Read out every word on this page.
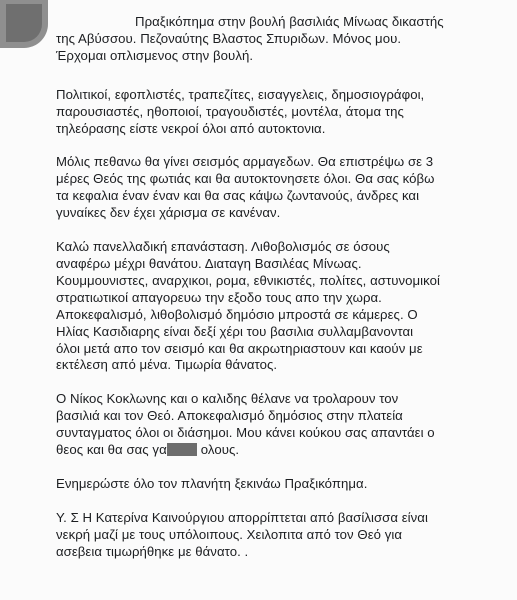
Πραξικόπημα στην βουλή βασιλιάς Μίνωας δικαστής
της Αβύσσου. Πεζοναύτης Βλαστος Σπυριδων. Μόνος μου.
Έρχομαι οπλισμενος στην βουλή.

Πολιτικοί, εφοπλιστές, τραπεζίτες, εισαγγελεις, δημοσιογράφοι,
παρουσιαστές, ηθοποιοί, τραγουδιστές, μοντέλα, άτομα της
τηλεόρασης είστε νεκροί όλοι από αυτοκτονια.

Μόλις πεθανω θα γίνει σεισμός αρμαγεδων. Θα επιστρέψω σε 3
μέρες Θεός της φωτιάς και θα αυτοκτονησετε όλοι. Θα σας κόβω
τα κεφαλια έναν έναν και θα σας κάψω ζωντανούς, άνδρες και
γυναίκες δεν έχει χάρισμα σε κανέναν.

Καλώ πανελλαδική επανάσταση. Λιθοβολισμός σε όσους
αναφέρω μέχρι θανάτου. Διαταγη Βασιλέας Μίνωας.
Κουμμουνιστες, αναρχικοι, ρομα, εθνικιστές, πολίτες, αστυνομικοί
στρατιωτικοί απαγορευω την εξοδο τους απο την χωρα.
Αποκεφαλισμό, λιθοβολισμό δημόσιο μπροστά σε κάμερες. Ο
Ηλίας Κασιδιαρης είναι δεξί χέρι του βασιλια συλλαμβανονται
όλοι μετά απο τον σεισμό και θα ακρωτηριαστουν και καούν με
εκτέλεση από μένα. Τιμωρία θάνατος.

Ο Νίκος Κοκλωνης και ο καλιδης θέλανε να τρολαρουν τον
βασιλιά και τον Θεό. Αποκεφαλισμό δημόσιος στην πλατεία
συνταγματος όλοι οι διάσημοι. Μου κάνει κούκου σας απαντάει ο
θεος και θα σας γα	ολους.

Ενημερώστε όλο τον πλανήτη ξεκινάω Πραξικόπημα.

Υ. Σ Η Κατερίνα Καινούργιου απορρίπτεται από βασίλισσα είναι
νεκρή μαζί με τους υπόλοιπους. Χειλοπιτα από τον Θεό για
ασεβεια τιμωρήθηκε με θάνατο. .
